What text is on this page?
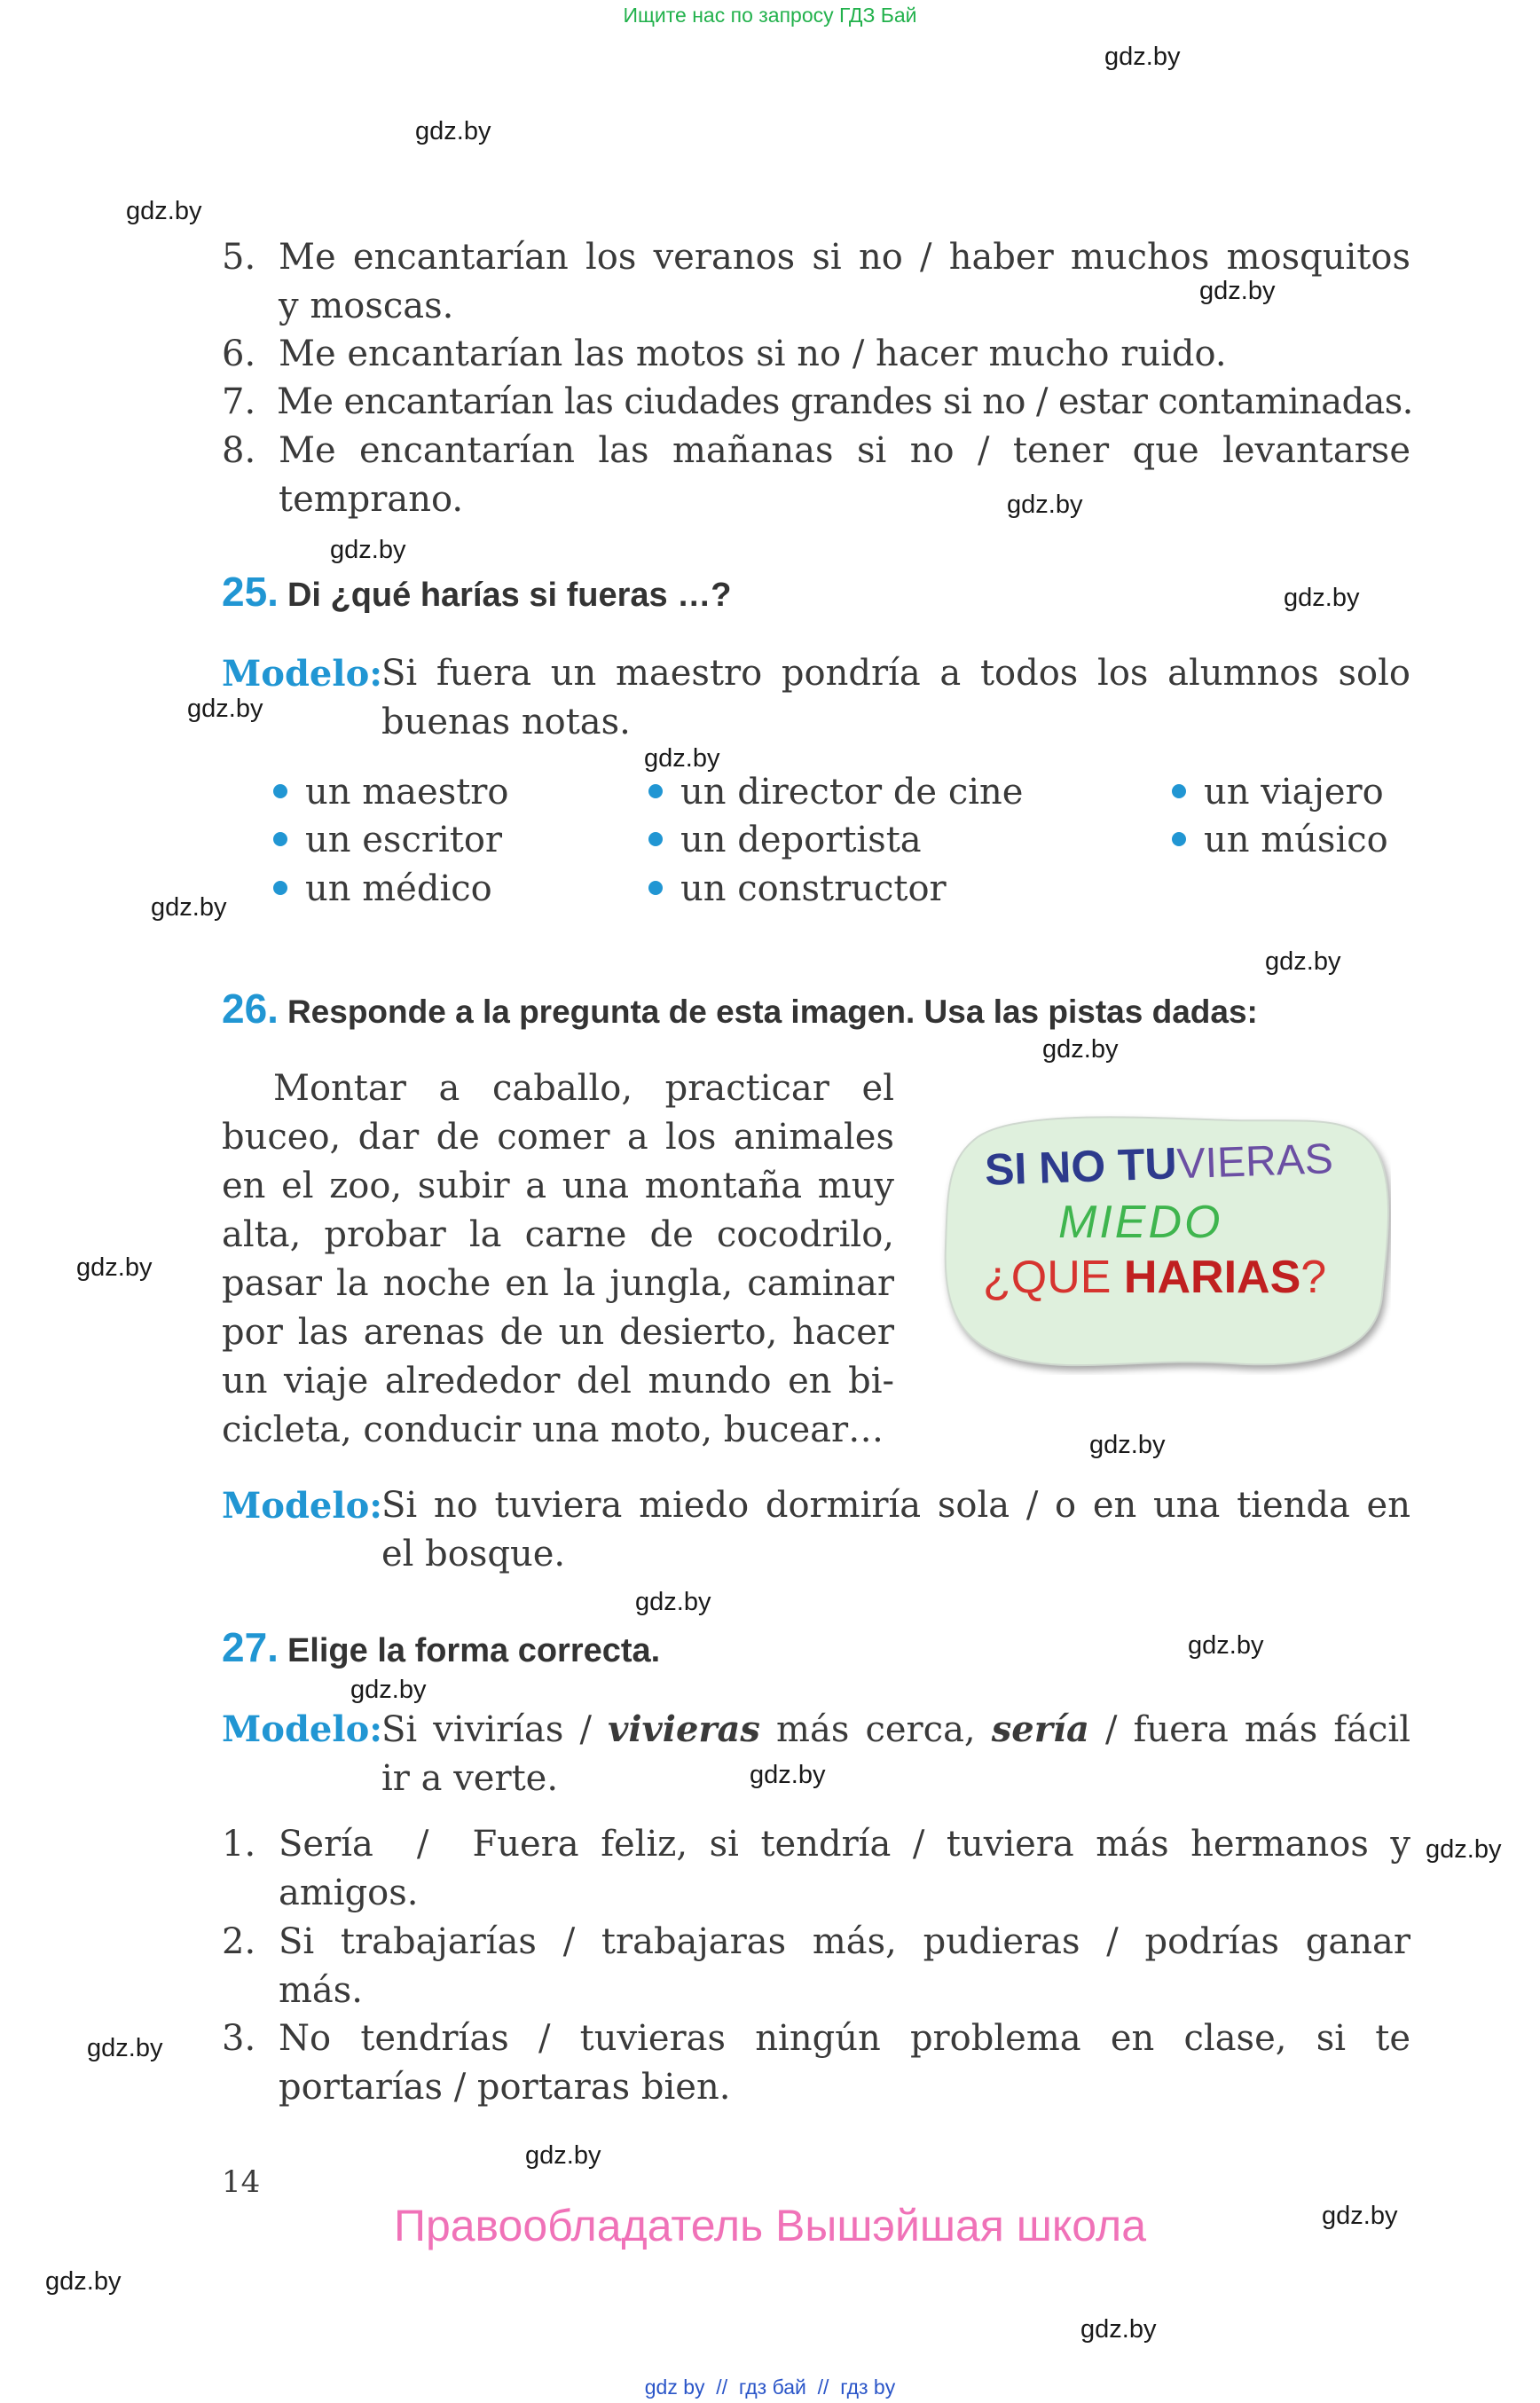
Ищите нас по запросу ГДЗ Бай
gdz.by
gdz.by
gdz.by
gdz.by
gdz.by
gdz.by
gdz.by
gdz.by
gdz.by
gdz.by
gdz.by
gdz.by
gdz.by
gdz.by
gdz.by
gdz.by
gdz.by
gdz.by
gdz.by
gdz.by
gdz.by
gdz.by
gdz.by
gdz.by
5. Me encantarían los veranos si no / haber muchos mosquitos
y moscas.
6. Me encantarían las motos si no / hacer mucho ruido.
7. Me encantarían las ciudades grandes si no / estar contaminadas.
8. Me encantarían las mañanas si no / tener que levantarse
temprano.
25. Di ¿qué harías si fueras …?
Modelo:
Si fuera un maestro pondría a todos los alumnos solo
buenas notas.
un maestro
un escritor
un médico
un director de cine
un deportista
un constructor
un viajero
un músico
26. Responde a la pregunta de esta imagen. Usa las pistas dadas:
Montar a caballo, practicar el
buceo, dar de comer a los animales
en el zoo, subir a una montaña muy
alta, probar la carne de cocodrilo,
pasar la noche en la jungla, caminar
por las arenas de un desierto, hacer
un viaje alrededor del mundo en bi-
cicleta, conducir una moto, bucear…
SI NO TUVIERAS
MIEDO
¿QUE HARIAS?
Modelo:
Si no tuviera miedo dormiría sola / o en una tienda en
el bosque.
27. Elige la forma correcta.
Modelo:
Si vivirías / vivieras más cerca, sería / fuera más fácil
ir a verte.
1. Sería  /  Fuera feliz, si tendría / tuviera más hermanos y
amigos.
2. Si trabajarías / trabajaras más, pudieras / podrías ganar
más.
3. No tendrías / tuvieras ningún problema en clase, si te
portarías / portaras bien.
14
Правообладатель Вышэйшая школа
gdz by  //  гдз бай  //  гдз by
